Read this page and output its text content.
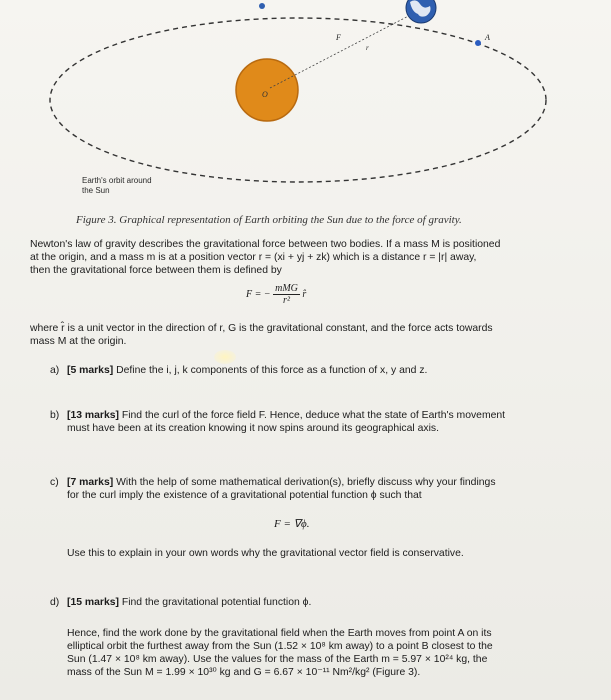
O
F
r
A
Earth's orbit around
the Sun
Figure 3. Graphical representation of Earth orbiting the Sun due to the force of gravity.
Newton's law of gravity describes the gravitational force between two bodies. If a mass M is positioned
at the origin, and a mass m is at a position vector r = (xi + yj + zk) which is a distance r = |r| away,
then the gravitational force between them is defined by
F = − $\frac{\text{mMG}}{\text{r²}}$ r̂
where r̂ is a unit vector in the direction of r, G is the gravitational constant, and the force acts towards
mass M at the origin.
a) [5 marks] Define the i, j, k components of this force as a function of x, y and z.
b) [13 marks] Find the curl of the force field F. Hence, deduce what the state of Earth's movement
must have been at its creation knowing it now spins around its geographical axis.
c) [7 marks] With the help of some mathematical derivation(s), briefly discuss why your findings
for the curl imply the existence of a gravitational potential function ϕ such that
F = ∇ϕ.
Use this to explain in your own words why the gravitational vector field is conservative.
d) [15 marks] Find the gravitational potential function ϕ.
Hence, find the work done by the gravitational field when the Earth moves from point A on its
elliptical orbit the furthest away from the Sun (1.52 × 10⁸ km away) to a point B closest to the
Sun (1.47 × 10⁸ km away). Use the values for the mass of the Earth m = 5.97 × 10²⁴ kg, the
mass of the Sun M = 1.99 × 10³⁰ kg and G = 6.67 × 10⁻¹¹ Nm²/kg² (Figure 3).
